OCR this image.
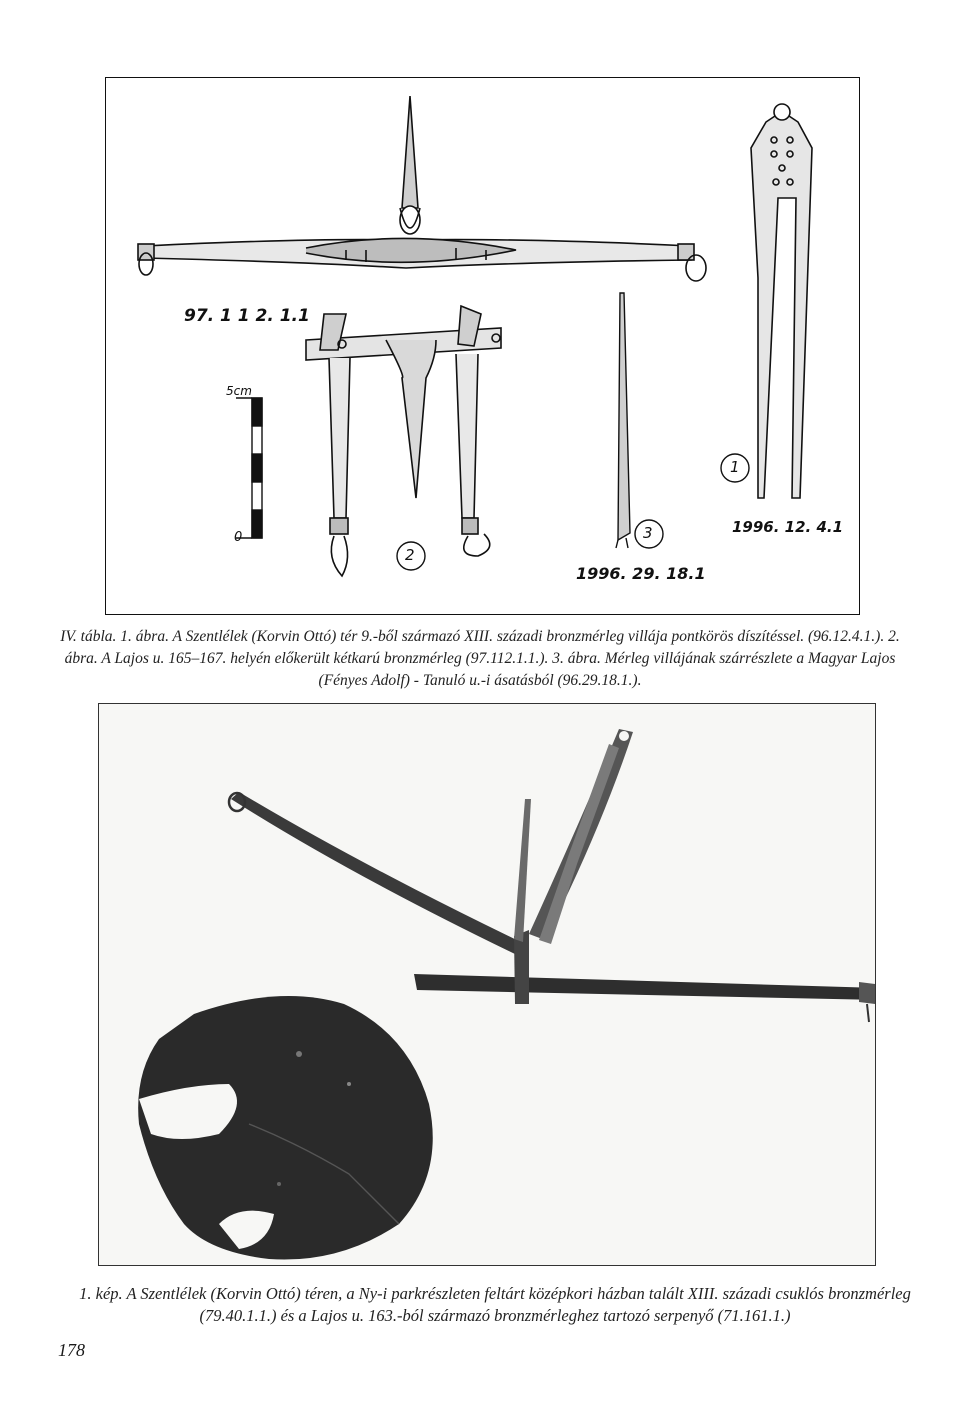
97. 1 1 2. 1.1
5cm
0
2
3
1
1996. 29. 18.1
1996. 12. 4.1
IV. tábla. 1. ábra. A Szentlélek (Korvin Ottó) tér 9.-ből származó XIII. századi bronzmérleg villája pontkörös díszítéssel. (96.12.4.1.). 2.
ábra. A Lajos u. 165–167. helyén előkerült kétkarú bronzmérleg (97.112.1.1.). 3. ábra. Mérleg villájának szárrészlete a Magyar Lajos
(Fényes Adolf) - Tanuló u.-i ásatásból (96.29.18.1.).
1. kép. A Szentlélek (Korvin Ottó) téren, a Ny-i parkrészleten feltárt középkori házban talált XIII. századi csuklós bronzmérleg
(79.40.1.1.) és a Lajos u. 163.-ból származó bronzmérleghez tartozó serpenyő (71.161.1.)
178
